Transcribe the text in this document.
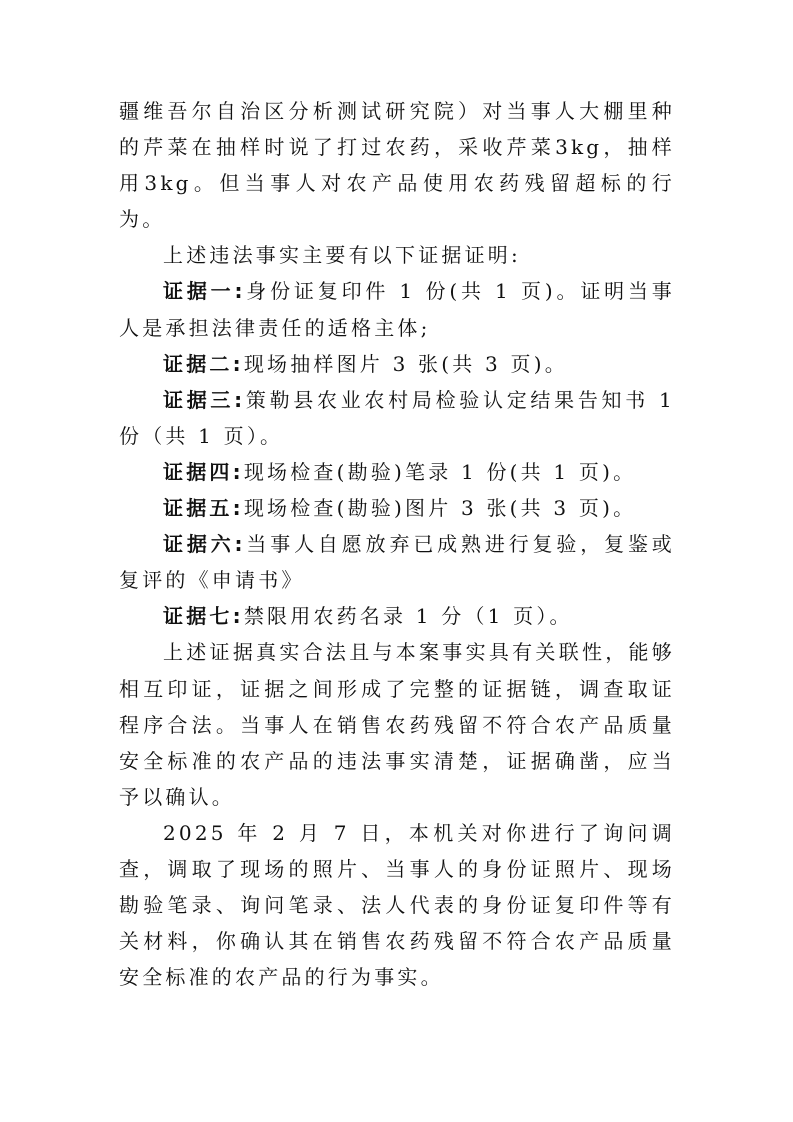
疆维吾尔自治区分析测试研究院）对当事人大棚里种的芹菜在抽样时说了打过农药，采收芹菜3kg，抽样用3kg。但当事人对农产品使用农药残留超标的行为。

上述违法事实主要有以下证据证明:

证据一:身份证复印件 1 份(共 1 页)。证明当事人是承担法律责任的适格主体;

证据二:现场抽样图片 3 张(共 3 页)。

证据三:策勒县农业农村局检验认定结果告知书 1 份（共 1 页）。

证据四:现场检查(勘验)笔录 1 份(共 1 页)。

证据五:现场检查(勘验)图片 3 张(共 3 页)。

证据六:当事人自愿放弃已成熟进行复验，复鉴或复评的《申请书》

证据七:禁限用农药名录 1 分（1 页）。

上述证据真实合法且与本案事实具有关联性，能够相互印证，证据之间形成了完整的证据链，调查取证程序合法。当事人在销售农药残留不符合农产品质量安全标准的农产品的违法事实清楚，证据确凿，应当予以确认。

2025 年 2 月 7 日，本机关对你进行了询问调查，调取了现场的照片、当事人的身份证照片、现场勘验笔录、询问笔录、法人代表的身份证复印件等有关材料，你确认其在销售农药残留不符合农产品质量安全标准的农产品的行为事实。
